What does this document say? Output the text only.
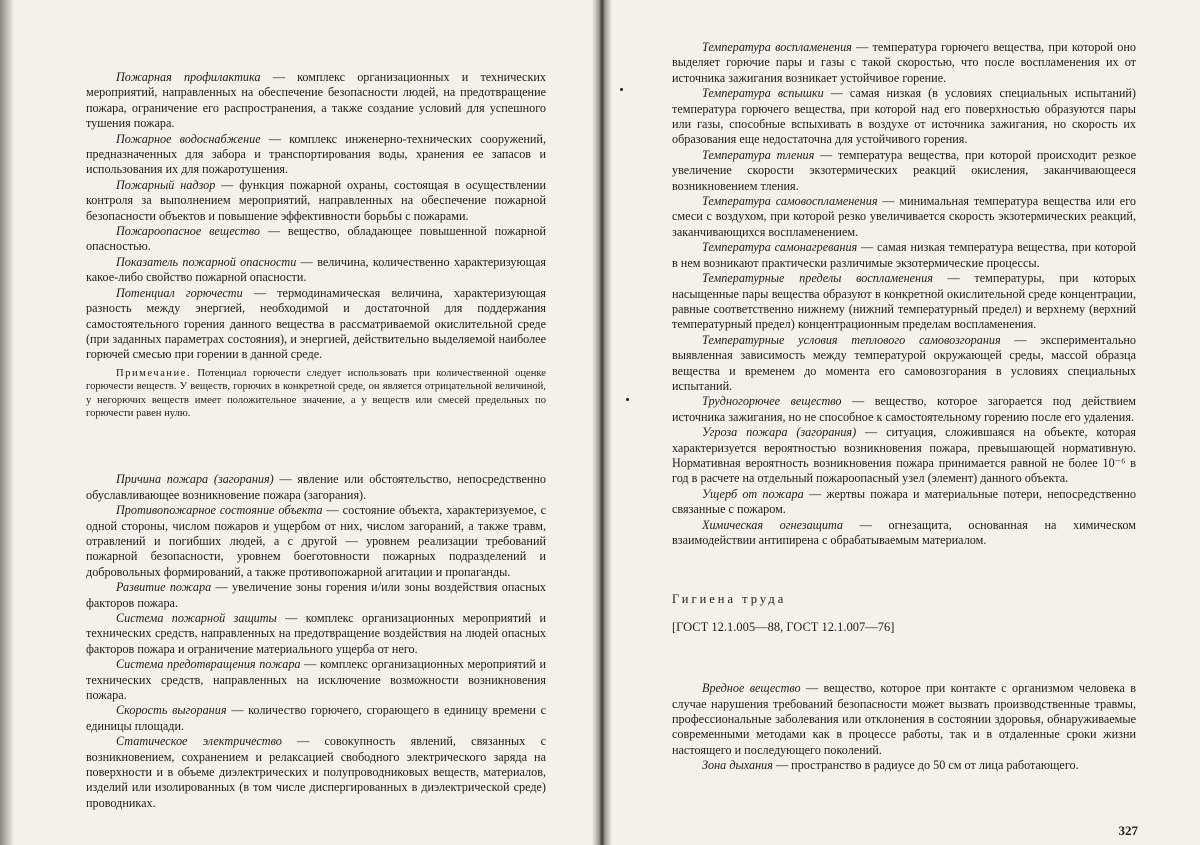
Пожарная профилактика — комплекс организационных и технических мероприятий, направленных на обеспечение безопасности людей, на предотвращение пожара, ограничение его распространения, а также создание условий для успешного тушения пожара.

Пожарное водоснабжение — комплекс инженерно-технических сооружений, предназначенных для забора и транспортирования воды, хранения ее запасов и использования их для пожаротушения.

Пожарный надзор — функция пожарной охраны, состоящая в осуществлении контроля за выполнением мероприятий, направленных на обеспечение пожарной безопасности объектов и повышение эффективности борьбы с пожарами.

Пожароопасное вещество — вещество, обладающее повышенной пожарной опасностью.

Показатель пожарной опасности — величина, количественно характеризующая какое-либо свойство пожарной опасности.

Потенциал горючести — термодинамическая величина, характеризующая разность между энергией, необходимой и достаточной для поддержания самостоятельного горения данного вещества в рассматриваемой окислительной среде (при заданных параметрах состояния), и энергией, действительно выделяемой наиболее горючей смесью при горении в данной среде.

Примечание. Потенциал горючести следует использовать при количественной оценке горючести веществ. У веществ, горючих в конкретной среде, он является отрицательной величиной, у негорючих веществ имеет положительное значение, а у веществ или смесей предельных по горючести равен нулю.

Причина пожара (загорания) — явление или обстоятельство, непосредственно обуславливающее возникновение пожара (загорания).

Противопожарное состояние объекта — состояние объекта, характеризуемое, с одной стороны, числом пожаров и ущербом от них, числом загораний, а также травм, отравлений и погибших людей, а с другой — уровнем реализации требований пожарной безопасности, уровнем боеготовности пожарных подразделений и добровольных формирований, а также противопожарной агитации и пропаганды.

Развитие пожара — увеличение зоны горения и/или зоны воздействия опасных факторов пожара.

Система пожарной защиты — комплекс организационных мероприятий и технических средств, направленных на предотвращение воздействия на людей опасных факторов пожара и ограничение материального ущерба от него.

Система предотвращения пожара — комплекс организационных мероприятий и технических средств, направленных на исключение возможности возникновения пожара.

Скорость выгорания — количество горючего, сгорающего в единицу времени с единицы площади.

Статическое электричество — совокупность явлений, связанных с возникновением, сохранением и релаксацией свободного электрического заряда на поверхности и в объеме диэлектрических и полупроводниковых веществ, материалов, изделий или изолированных (в том числе диспергированных в диэлектрической среде) проводниках.

Температура воспламенения — температура горючего вещества, при которой оно выделяет горючие пары и газы с такой скоростью, что после воспламенения их от источника зажигания возникает устойчивое горение.

Температура вспышки — самая низкая (в условиях специальных испытаний) температура горючего вещества, при которой над его поверхностью образуются пары или газы, способные вспыхивать в воздухе от источника зажигания, но скорость их образования еще недостаточна для устойчивого горения.

Температура тления — температура вещества, при которой происходит резкое увеличение скорости экзотермических реакций окисления, заканчивающееся возникновением тления.

Температура самовоспламенения — минимальная температура вещества или его смеси с воздухом, при которой резко увеличивается скорость экзотермических реакций, заканчивающихся воспламенением.

Температура самонагревания — самая низкая температура вещества, при которой в нем возникают практически различимые экзотермические процессы.

Температурные пределы воспламенения — температуры, при которых насыщенные пары вещества образуют в конкретной окислительной среде концентрации, равные соответственно нижнему (нижний температурный предел) и верхнему (верхний температурный предел) концентрационным пределам воспламенения.

Температурные условия теплового самовозгорания — экспериментально выявленная зависимость между температурой окружающей среды, массой образца вещества и временем до момента его самовозгорания в условиях специальных испытаний.

Трудногорючее вещество — вещество, которое загорается под действием источника зажигания, но не способное к самостоятельному горению после его удаления.

Угроза пожара (загорания) — ситуация, сложившаяся на объекте, которая характеризуется вероятностью возникновения пожара, превышающей нормативную. Нормативная вероятность возникновения пожара принимается равной не более 10⁻⁶ в год в расчете на отдельный пожароопасный узел (элемент) данного объекта.

Ущерб от пожара — жертвы пожара и материальные потери, непосредственно связанные с пожаром.

Химическая огнезащита — огнезащита, основанная на химическом взаимодействии антипирена с обрабатываемым материалом.

Гигиена труда

[ГОСТ 12.1.005—88, ГОСТ 12.1.007—76]

Вредное вещество — вещество, которое при контакте с организмом человека в случае нарушения требований безопасности может вызвать производственные травмы, профессиональные заболевания или отклонения в состоянии здоровья, обнаруживаемые современными методами как в процессе работы, так и в отдаленные сроки жизни настоящего и последующего поколений.

Зона дыхания — пространство в радиусе до 50 см от лица работающего.

327
